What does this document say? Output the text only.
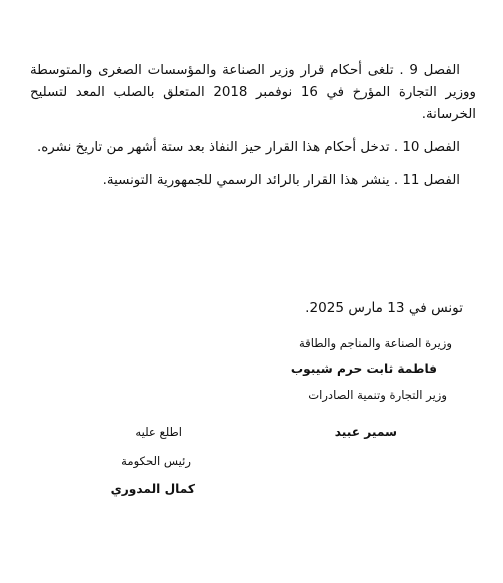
الفصل 9 . تلغى أحكام قرار وزير الصناعة والمؤسسات الصغرى والمتوسطة ووزير التجارة المؤرخ في 16 نوفمبر 2018 المتعلق بالصلب المعد لتسليح الخرسانة.

الفصل 10 . تدخل أحكام هذا القرار حيز النفاذ بعد ستة أشهر من تاريخ نشره.

الفصل 11 . ينشر هذا القرار بالرائد الرسمي للجمهورية التونسية.

تونس في 13 مارس 2025.

وزيرة الصناعة والمناجم والطاقة

فاطمة ثابت حرم شيبوب

وزير التجارة وتنمية الصادرات

سمير عبيد

اطلع عليه

رئيس الحكومة

كمال المدوري
